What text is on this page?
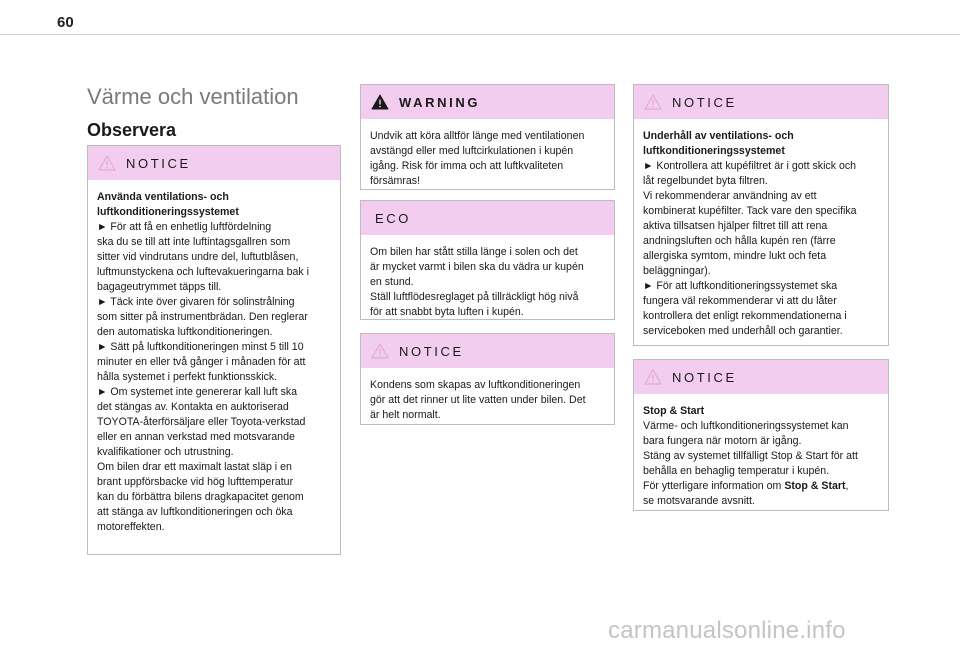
60
Värme och ventilation
Observera
NOTICE

Använda ventilations- och

luftkonditioneringssystemet

► För att få en enhetlig luftfördelning

ska du se till att inte luftintagsgallren som

sitter vid vindrutans undre del, luftutblåsen,

luftmunstyckena och luftevakueringarna bak i

bagageutrymmet täpps till.

► Täck inte över givaren för solinstrålning

som sitter på instrumentbrädan. Den reglerar

den automatiska luftkonditioneringen.

► Sätt på luftkonditioneringen minst 5 till 10

minuter en eller två gånger i månaden för att

hålla systemet i perfekt funktionsskick.

► Om systemet inte genererar kall luft ska

det stängas av. Kontakta en auktoriserad

TOYOTA-återförsäljare eller Toyota-verkstad

eller en annan verkstad med motsvarande

kvalifikationer och utrustning.

Om bilen drar ett maximalt lastat släp i en

brant uppförsbacke vid hög lufttemperatur

kan du förbättra bilens dragkapacitet genom

att stänga av luftkonditioneringen och öka

motoreffekten.

WARNING

Undvik att köra alltför länge med ventilationen

avstängd eller med luftcirkulationen i kupén

igång. Risk för imma och att luftkvaliteten

försämras!

ECO

Om bilen har stått stilla länge i solen och det

är mycket varmt i bilen ska du vädra ur kupén

en stund.

Ställ luftflödesreglaget på tillräckligt hög nivå

för att snabbt byta luften i kupén.

NOTICE

Kondens som skapas av luftkonditioneringen

gör att det rinner ut lite vatten under bilen. Det

är helt normalt.

NOTICE

Underhåll av ventilations- och

luftkonditioneringssystemet

► Kontrollera att kupéfiltret är i gott skick och

låt regelbundet byta filtren.

Vi rekommenderar användning av ett

kombinerat kupéfilter. Tack vare den specifika

aktiva tillsatsen hjälper filtret till att rena

andningsluften och hålla kupén ren (färre

allergiska symtom, mindre lukt och feta

beläggningar).

► För att luftkonditioneringssystemet ska

fungera väl rekommenderar vi att du låter

kontrollera det enligt rekommendationerna i

serviceboken med underhåll och garantier.

NOTICE

Stop & Start

Värme- och luftkonditioneringssystemet kan

bara fungera när motorn är igång.

Stäng av systemet tillfälligt Stop & Start för att

behålla en behaglig temperatur i kupén.

För ytterligare information om Stop & Start,

se motsvarande avsnitt.

carmanualsonline.info
